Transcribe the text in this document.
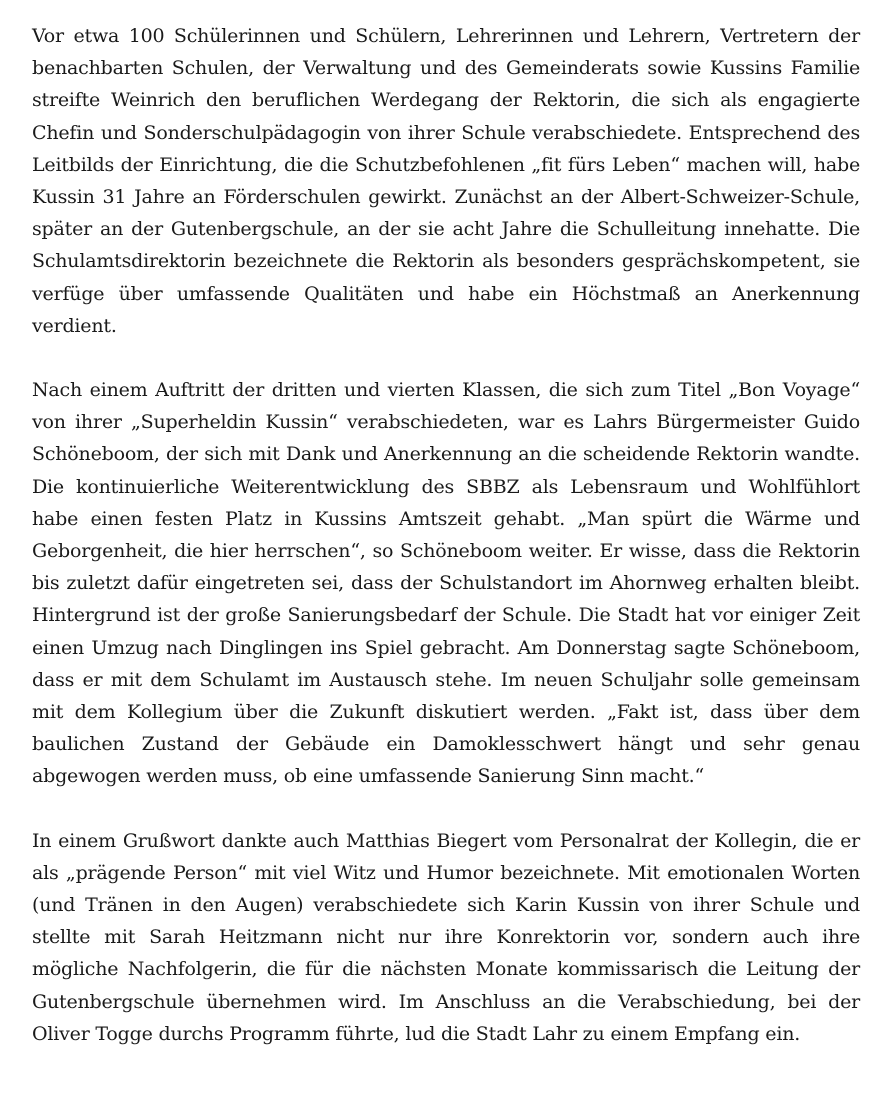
Vor etwa 100 Schülerinnen und Schülern, Lehrerinnen und Lehrern, Vertretern der benachbarten Schulen, der Verwaltung und des Gemeinderats sowie Kussins Familie streifte Weinrich den beruflichen Werdegang der Rektorin, die sich als engagierte Chefin und Sonderschulpädagogin von ihrer Schule verabschiedete. Entsprechend des Leitbilds der Einrichtung, die die Schutzbefohlenen „fit fürs Leben“ machen will, habe Kussin 31 Jahre an Förderschulen gewirkt. Zunächst an der Albert-Schweizer-Schule, später an der Gutenbergschule, an der sie acht Jahre die Schulleitung innehatte. Die Schulamtsdirektorin bezeichnete die Rektorin als besonders gesprächskompetent, sie verfüge über umfassende Qualitäten und habe ein Höchstmaß an Anerkennung verdient.

Nach einem Auftritt der dritten und vierten Klassen, die sich zum Titel „Bon Voyage“ von ihrer „Superheldin Kussin“ verabschiedeten, war es Lahrs Bürgermeister Guido Schöneboom, der sich mit Dank und Anerkennung an die scheidende Rektorin wandte. Die kontinuierliche Weiterentwicklung des SBBZ als Lebensraum und Wohlfühlort habe einen festen Platz in Kussins Amtszeit gehabt. „Man spürt die Wärme und Geborgenheit, die hier herrschen“, so Schöneboom weiter. Er wisse, dass die Rektorin bis zuletzt dafür eingetreten sei, dass der Schulstandort im Ahornweg erhalten bleibt. Hintergrund ist der große Sanierungsbedarf der Schule. Die Stadt hat vor einiger Zeit einen Umzug nach Dinglingen ins Spiel gebracht. Am Donnerstag sagte Schöneboom, dass er mit dem Schulamt im Austausch stehe. Im neuen Schuljahr solle gemeinsam mit dem Kollegium über die Zukunft diskutiert werden. „Fakt ist, dass über dem baulichen Zustand der Gebäude ein Damoklesschwert hängt und sehr genau abgewogen werden muss, ob eine umfassende Sanierung Sinn macht.“

In einem Grußwort dankte auch Matthias Biegert vom Personalrat der Kollegin, die er als „prägende Person“ mit viel Witz und Humor bezeichnete. Mit emotionalen Worten (und Tränen in den Augen) verabschiedete sich Karin Kussin von ihrer Schule und stellte mit Sarah Heitzmann nicht nur ihre Konrektorin vor, sondern auch ihre mögliche Nachfolgerin, die für die nächsten Monate kommissarisch die Leitung der Gutenbergschule übernehmen wird. Im Anschluss an die Verabschiedung, bei der Oliver Togge durchs Programm führte, lud die Stadt Lahr zu einem Empfang ein.
